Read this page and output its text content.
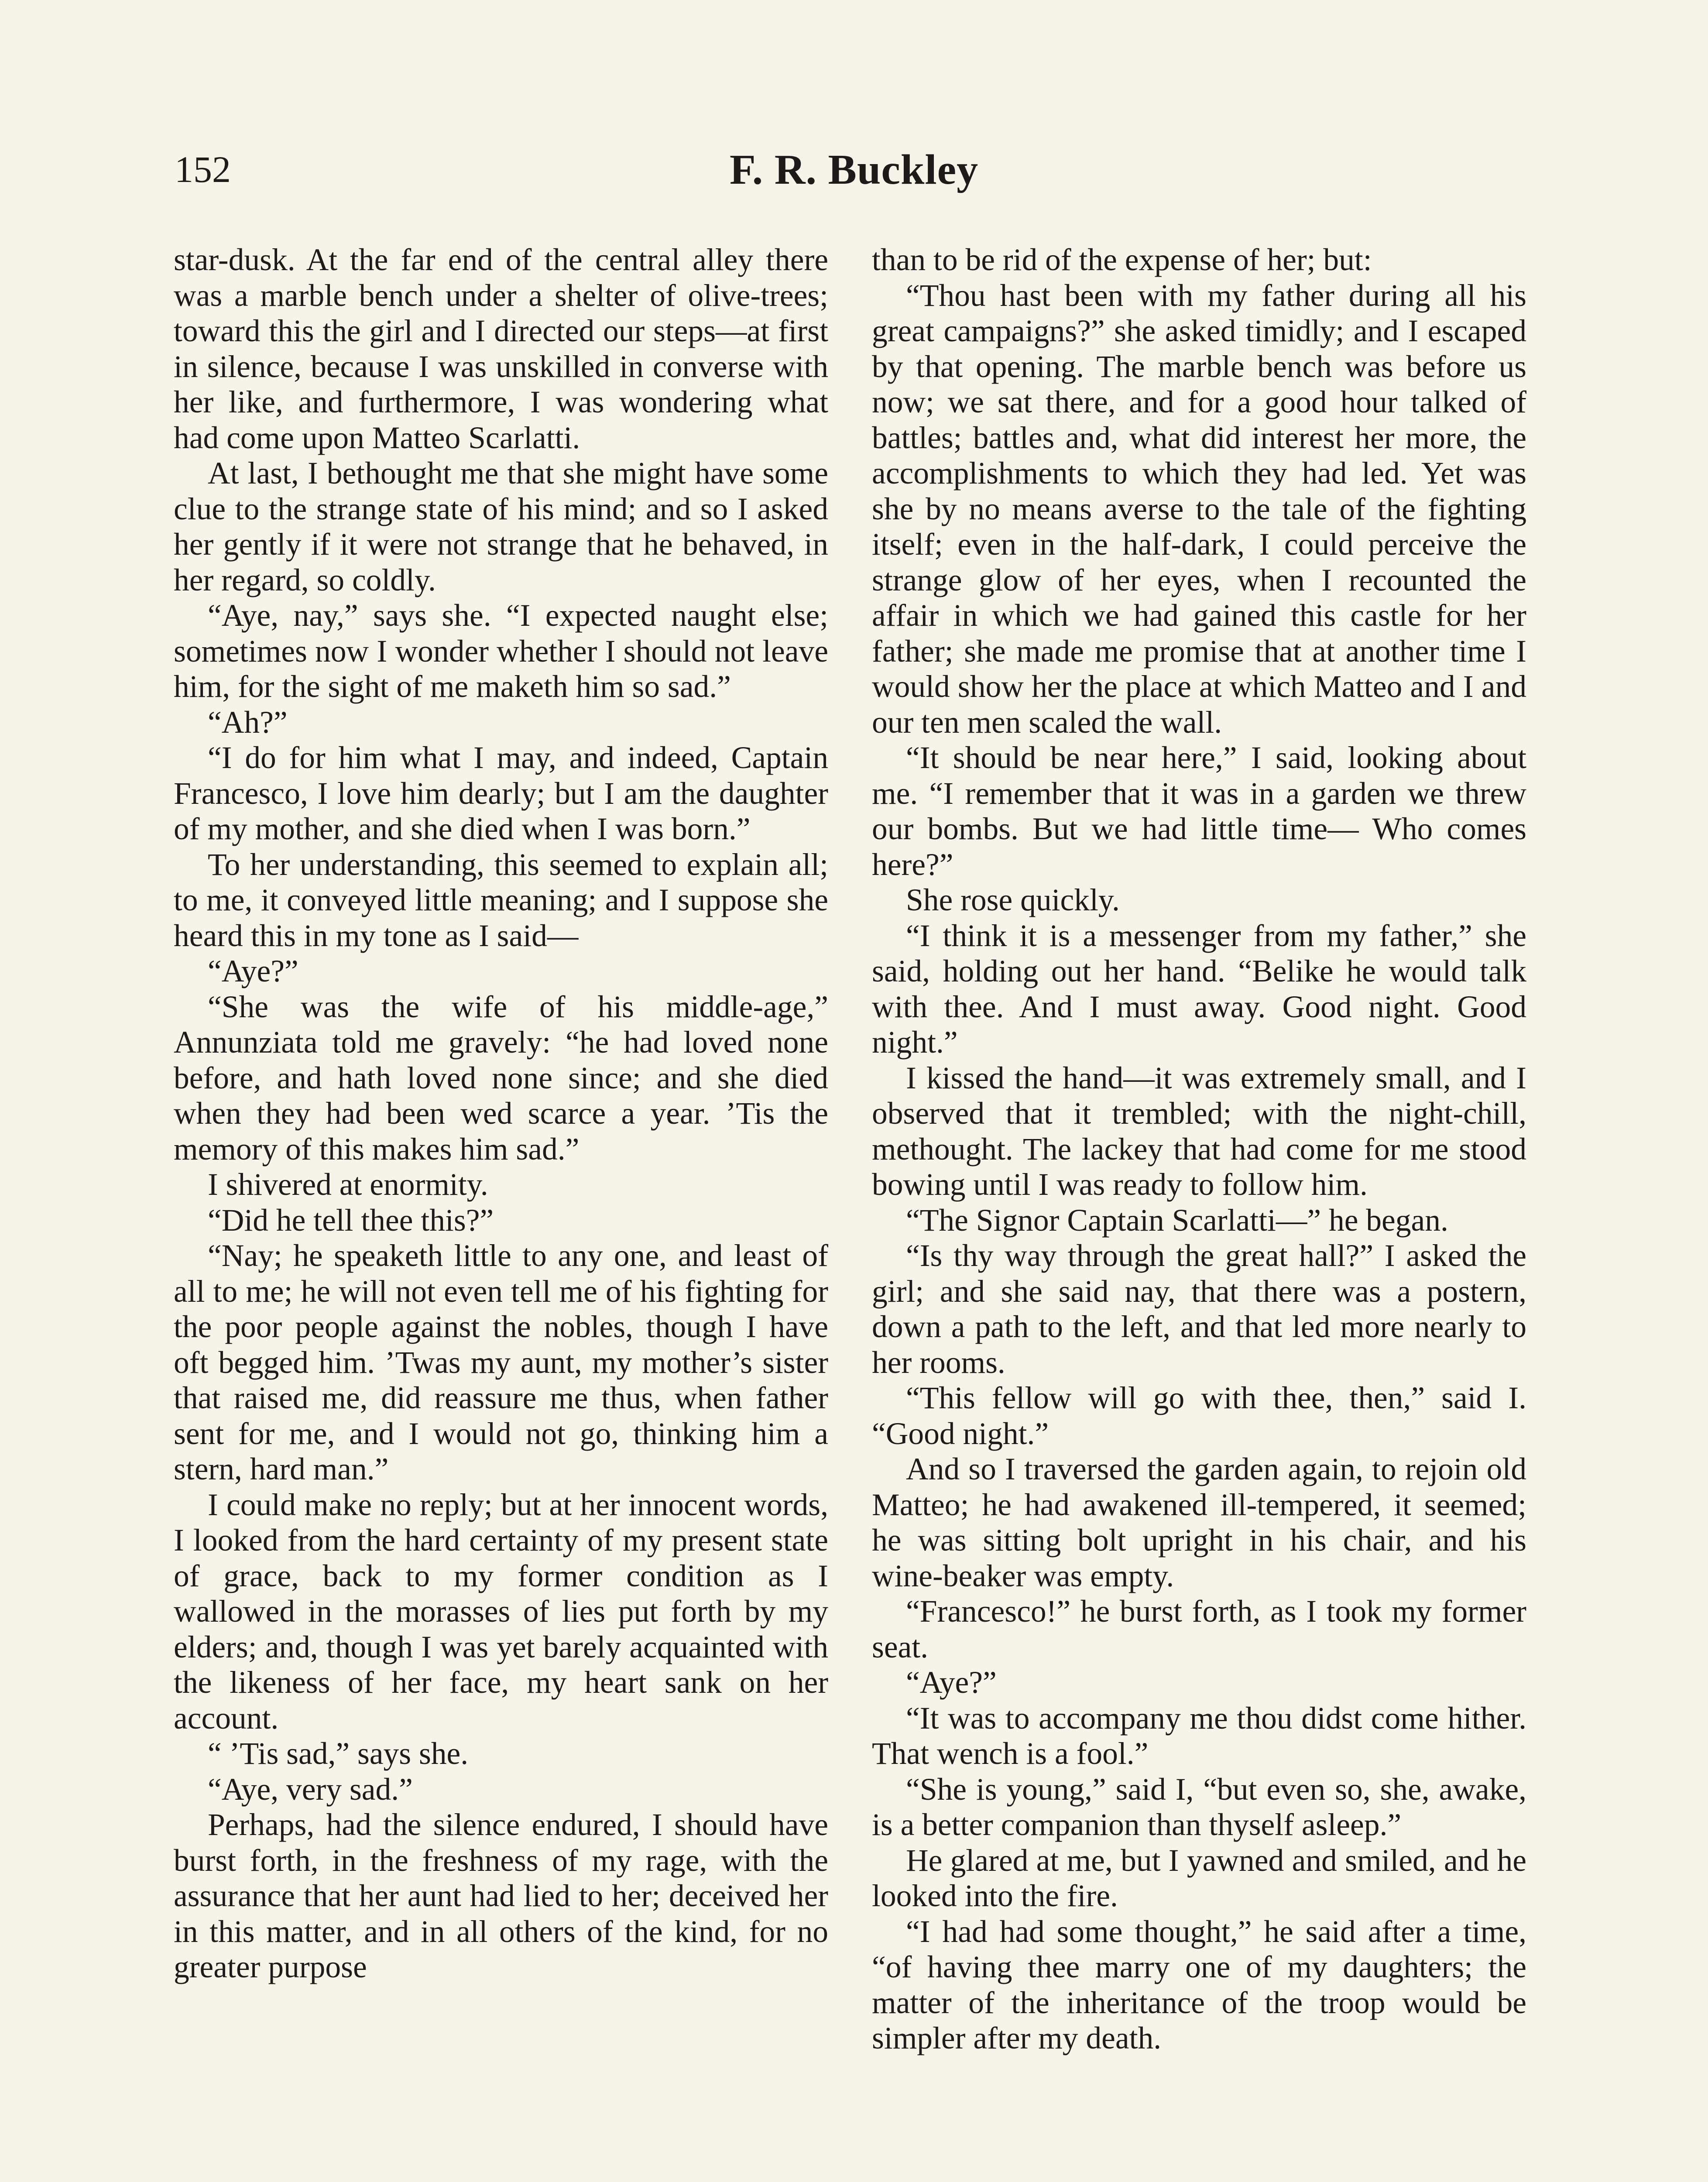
152	F. R. Buckley

star-dusk. At the far end of the central alley there was a marble bench under a shelter of olive-trees; toward this the girl and I directed our steps—at first in silence, because I was unskilled in converse with her like, and furthermore, I was wondering what had come upon Matteo Scarlatti.

At last, I bethought me that she might have some clue to the strange state of his mind; and so I asked her gently if it were not strange that he behaved, in her regard, so coldly.

“Aye, nay,” says she. “I expected naught else; sometimes now I wonder whether I should not leave him, for the sight of me maketh him so sad.”

“Ah?”

“I do for him what I may, and indeed, Captain Francesco, I love him dearly; but I am the daughter of my mother, and she died when I was born.”

To her understanding, this seemed to explain all; to me, it conveyed little meaning; and I suppose she heard this in my tone as I said—

“Aye?”

“She was the wife of his middle-age,” Annunziata told me gravely: “he had loved none before, and hath loved none since; and she died when they had been wed scarce a year. ’Tis the memory of this makes him sad.”

I shivered at enormity.

“Did he tell thee this?”

“Nay; he speaketh little to any one, and least of all to me; he will not even tell me of his fighting for the poor people against the nobles, though I have oft begged him. ’Twas my aunt, my mother’s sister that raised me, did reassure me thus, when father sent for me, and I would not go, thinking him a stern, hard man.”

I could make no reply; but at her innocent words, I looked from the hard certainty of my present state of grace, back to my former condition as I wallowed in the morasses of lies put forth by my elders; and, though I was yet barely acquainted with the likeness of her face, my heart sank on her account.

“ ’Tis sad,” says she.

“Aye, very sad.”

Perhaps, had the silence endured, I should have burst forth, in the freshness of my rage, with the assurance that her aunt had lied to her; deceived her in this matter, and in all others of the kind, for no greater purpose

than to be rid of the expense of her; but:

“Thou hast been with my father during all his great campaigns?” she asked timidly; and I escaped by that opening. The marble bench was before us now; we sat there, and for a good hour talked of battles; battles and, what did interest her more, the accomplishments to which they had led. Yet was she by no means averse to the tale of the fighting itself; even in the half-dark, I could perceive the strange glow of her eyes, when I recounted the affair in which we had gained this castle for her father; she made me promise that at another time I would show her the place at which Matteo and I and our ten men scaled the wall.

“It should be near here,” I said, looking about me. “I remember that it was in a garden we threw our bombs. But we had little time— Who comes here?”

She rose quickly.

“I think it is a messenger from my father,” she said, holding out her hand. “Belike he would talk with thee. And I must away. Good night. Good night.”

I kissed the hand—it was extremely small, and I observed that it trembled; with the night-chill, methought. The lackey that had come for me stood bowing until I was ready to follow him.

“The Signor Captain Scarlatti—” he began.

“Is thy way through the great hall?” I asked the girl; and she said nay, that there was a postern, down a path to the left, and that led more nearly to her rooms.

“This fellow will go with thee, then,” said I. “Good night.”

And so I traversed the garden again, to rejoin old Matteo; he had awakened ill-tempered, it seemed; he was sitting bolt upright in his chair, and his wine-beaker was empty.

“Francesco!” he burst forth, as I took my former seat.

“Aye?”

“It was to accompany me thou didst come hither. That wench is a fool.”

“She is young,” said I, “but even so, she, awake, is a better companion than thyself asleep.”

He glared at me, but I yawned and smiled, and he looked into the fire.

“I had had some thought,” he said after a time, “of having thee marry one of my daughters; the matter of the inheritance of the troop would be simpler after my death.
